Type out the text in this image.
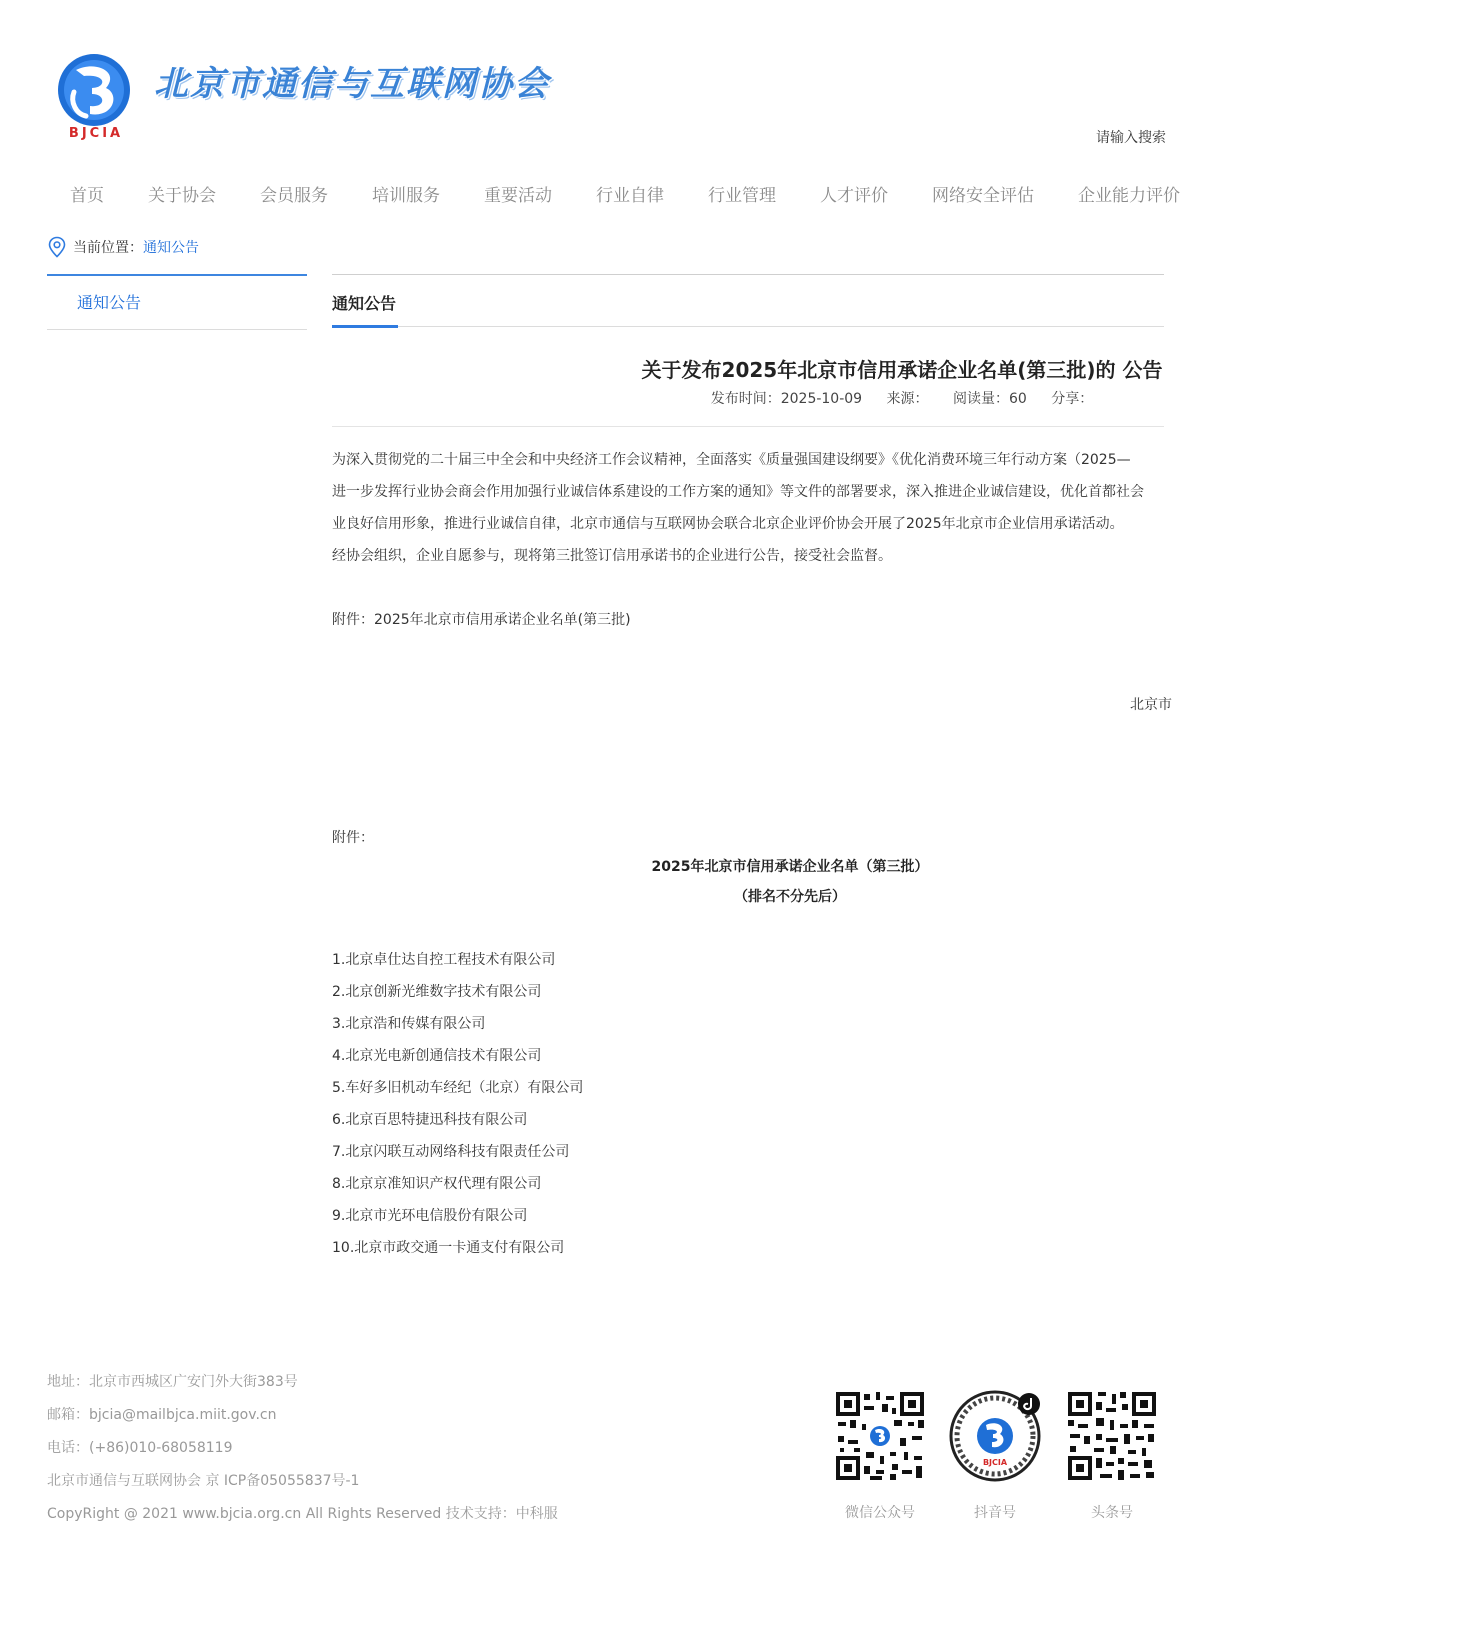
BJCIA
北京市通信与互联网协会
请输入搜索
首页	关于协会	会员服务	培训服务	重要活动	行业自律	行业管理	人才评价	网络安全评估	企业能力评价
当前位置： 通知公告
通知公告	通知公告
关于发布2025年北京市信用承诺企业名单(第三批)的 公告
发布时间：2025-10-09 来源： 阅读量：60 分享：

为深入贯彻党的二十届三中全会和中央经济工作会议精神，全面落实《质量强国建设纲要》《优化消费环境三年行动方案（2025—

进一步发挥行业协会商会作用加强行业诚信体系建设的工作方案的通知》等文件的部署要求，深入推进企业诚信建设，优化首都社会

业良好信用形象，推进行业诚信自律，北京市通信与互联网协会联合北京企业评价协会开展了2025年北京市企业信用承诺活动。

经协会组织，企业自愿参与，现将第三批签订信用承诺书的企业进行公告，接受社会监督。

附件：2025年北京市信用承诺企业名单(第三批)
北京市
附件：
2025年北京市信用承诺企业名单（第三批）
（排名不分先后）
1.北京卓仕达自控工程技术有限公司
2.北京创新光维数字技术有限公司
3.北京浩和传媒有限公司
4.北京光电新创通信技术有限公司
5.车好多旧机动车经纪（北京）有限公司
6.北京百思特捷迅科技有限公司
7.北京闪联互动网络科技有限责任公司
8.北京京准知识产权代理有限公司
9.北京市光环电信股份有限公司
10.北京市政交通一卡通支付有限公司

地址：北京市西城区广安门外大街383号

邮箱：bjcia@mailbjca.miit.gov.cn

电话：(+86)010-68058119

北京市通信与互联网协会 京 ICP备05055837号-1

CopyRight @ 2021 www.bjcia.org.cn All Rights Reserved 技术支持：中科服	微信公众号
BJCIA
抖音号	头条号
